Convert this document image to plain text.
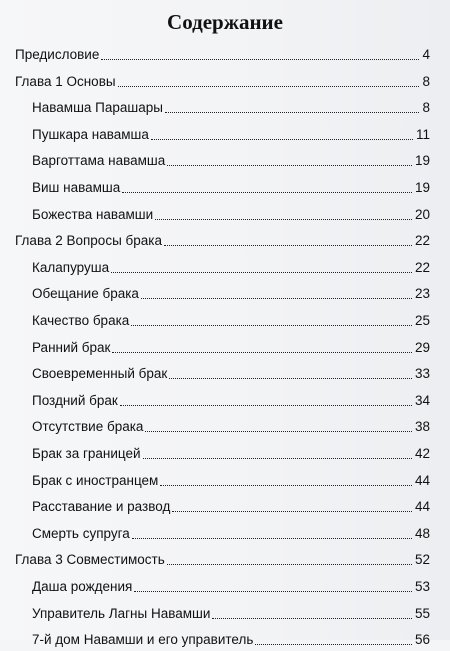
Содержание
Предисловие	4
Глава 1 Основы	8
Навамша Парашары	8
Пушкара навамша	11
Варготтама навамша	19
Виш навамша	19
Божества навамши	20
Глава 2 Вопросы брака	22
Калапуруша	22
Обещание брака	23
Качество брака	25
Ранний брак	29
Своевременный брак	33
Поздний брак	34
Отсутствие брака	38
Брак за границей	42
Брак с иностранцем	44
Расставание и развод	44
Смерть супруга	48
Глава 3 Совместимость	52
Даша рождения	53
Управитель Лагны Навамши	55
7-й дом Навамши и его управитель	56
